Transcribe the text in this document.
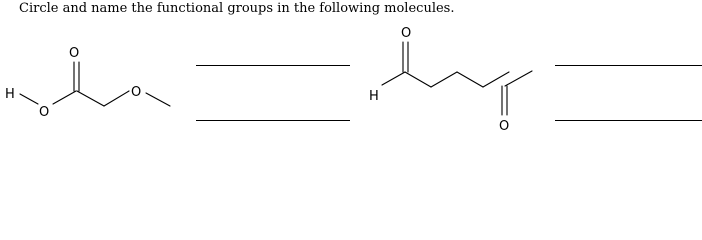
Circle and name the functional groups in the following molecules.
H
O
O
O
O
H
O
